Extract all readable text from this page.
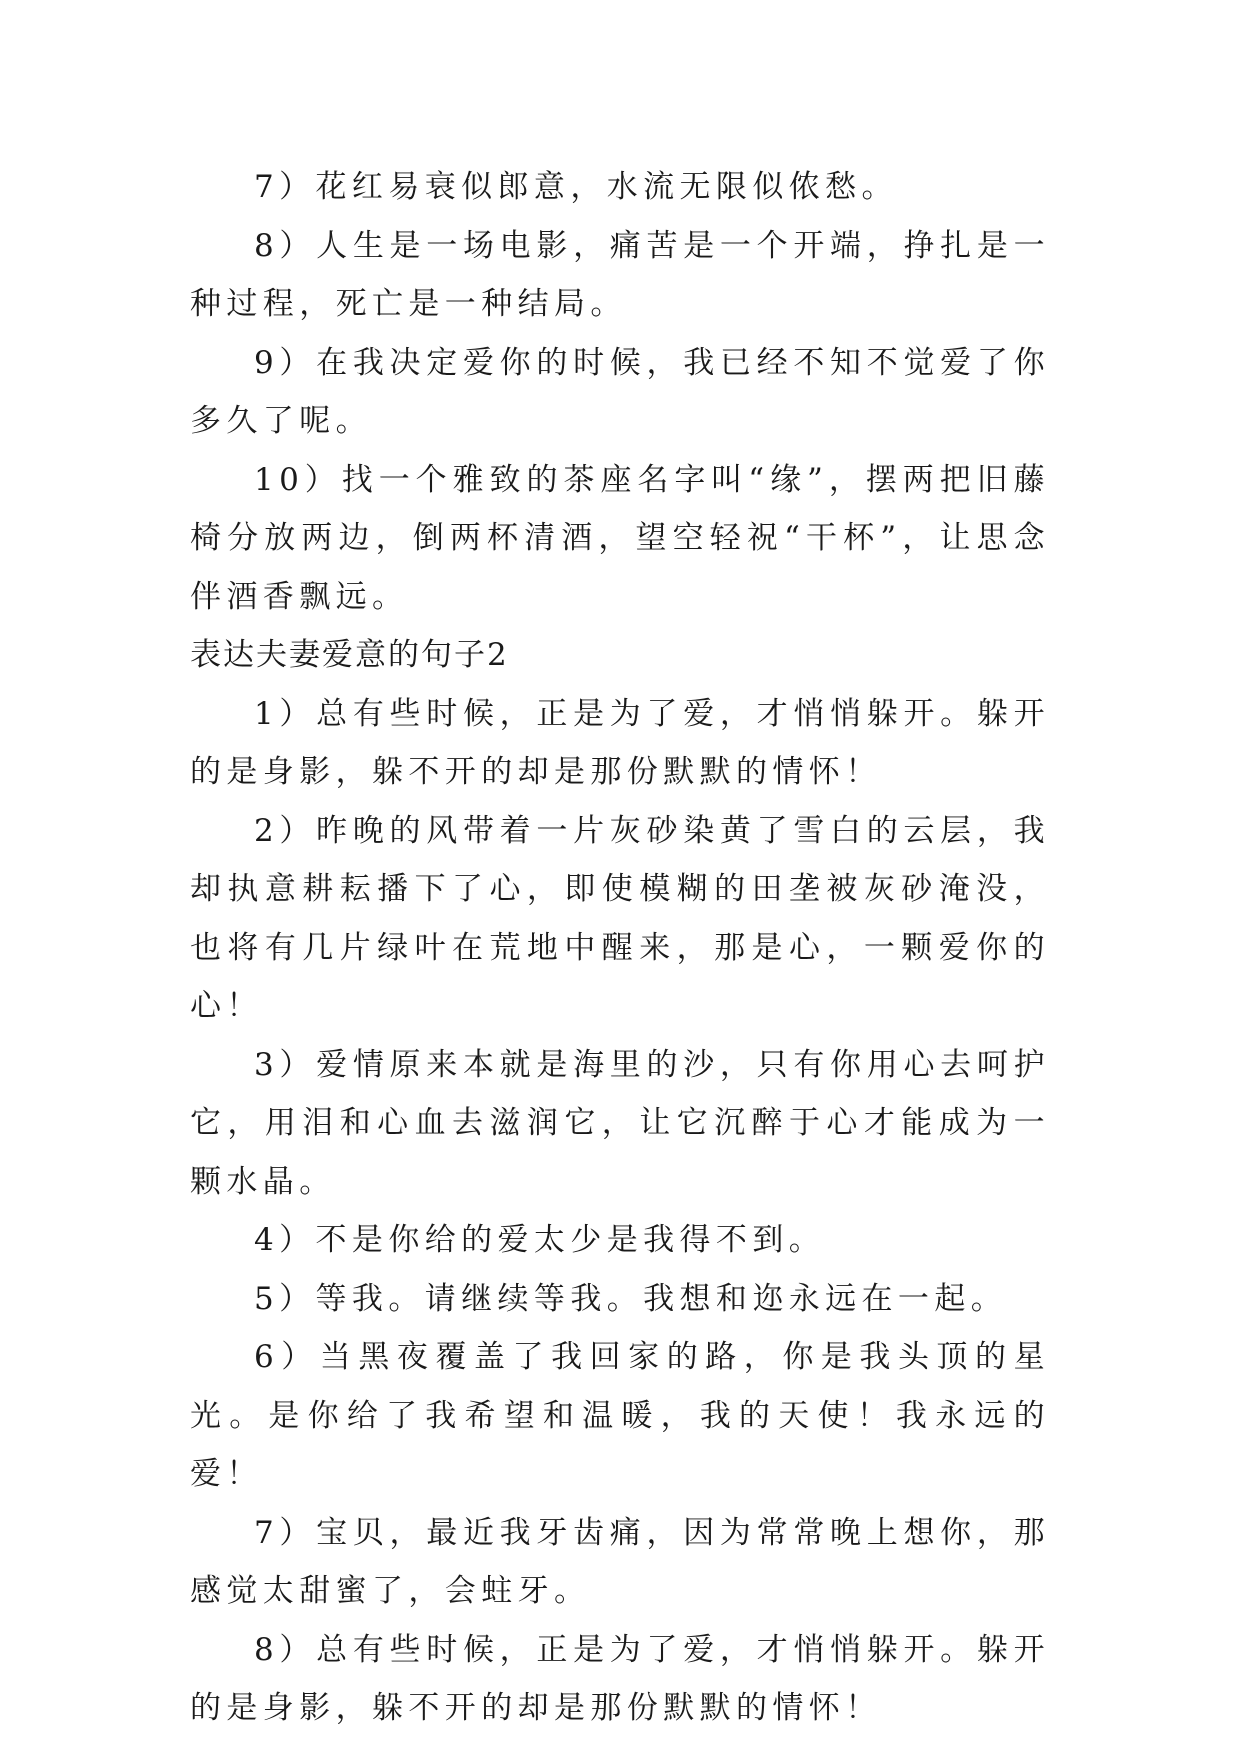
7）花红易衰似郎意，水流无限似侬愁。

8）人生是一场电影，痛苦是一个开端，挣扎是一种过程，死亡是一种结局。

9）在我决定爱你的时候，我已经不知不觉爱了你多久了呢。

10）找一个雅致的茶座名字叫“缘”，摆两把旧藤椅分放两边，倒两杯清酒，望空轻祝“干杯”，让思念伴酒香飘远。

表达夫妻爱意的句子2

1）总有些时候，正是为了爱，才悄悄躲开。躲开的是身影，躲不开的却是那份默默的情怀！

2）昨晚的风带着一片灰砂染黄了雪白的云层，我却执意耕耘播下了心，即使模糊的田垄被灰砂淹没，也将有几片绿叶在荒地中醒来，那是心，一颗爱你的心！

3）爱情原来本就是海里的沙，只有你用心去呵护它，用泪和心血去滋润它，让它沉醉于心才能成为一颗水晶。

4）不是你给的爱太少是我得不到。

5）等我。请继续等我。我想和迩永远在一起。

6）当黑夜覆盖了我回家的路，你是我头顶的星光。是你给了我希望和温暖，我的天使！我永远的爱！

7）宝贝，最近我牙齿痛，因为常常晚上想你，那感觉太甜蜜了，会蛀牙。

8）总有些时候，正是为了爱，才悄悄躲开。躲开的是身影，躲不开的却是那份默默的情怀！
